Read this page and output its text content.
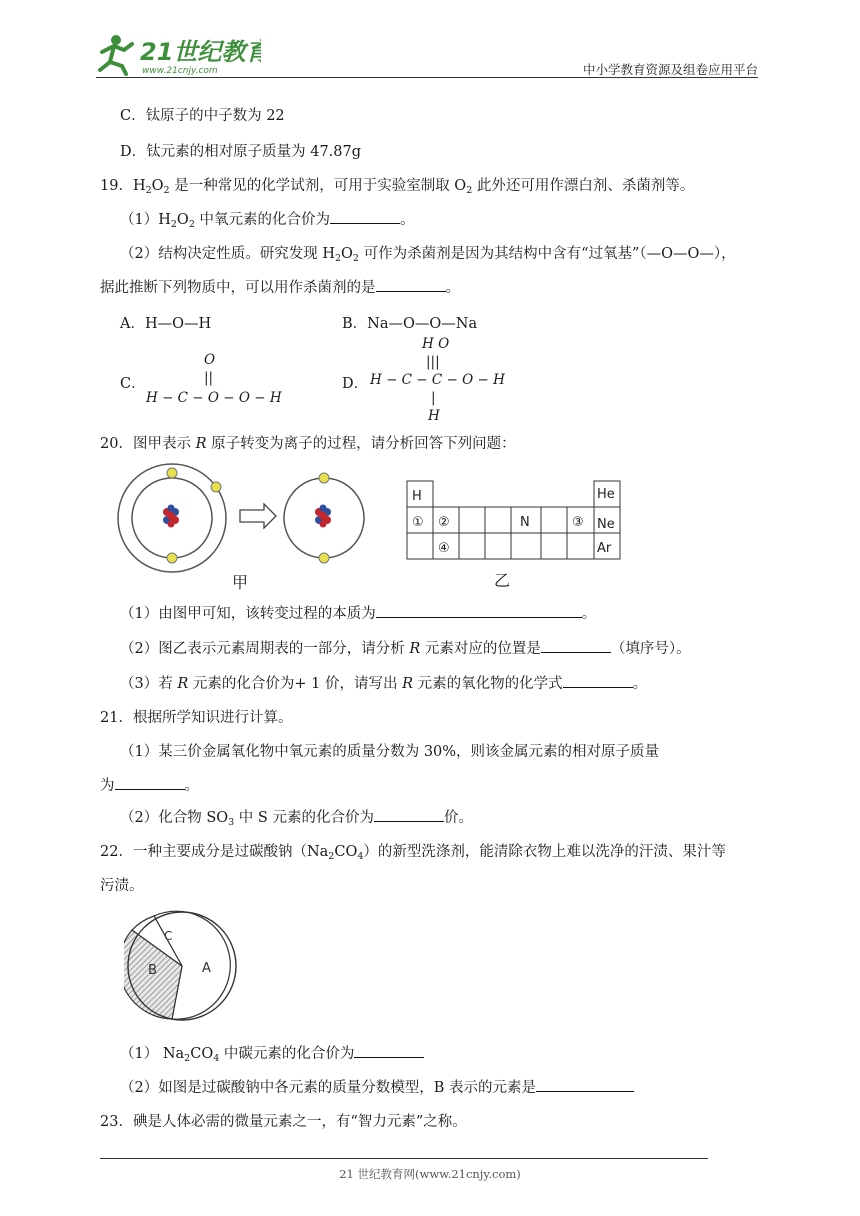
21世纪教育
www.21cnjy.com	中小学教育资源及组卷应用平台
C．钛原子的中子数为 22
D．钛元素的相对原子质量为 47.87g
19．$H_2O_2$ 是一种常见的化学试剂，可用于实验室制取 $O_2$ 此外还可用作漂白剂、杀菌剂等。
$(1)H_2O_2$ 中氧元素的化合价为	。
（2）结构决定性质。研究发现 $H_2O_2$ 可作为杀菌剂是因为其结构中含有“过氧基”（—O—O—），
据此推断下列物质中，可以用作杀菌剂的是	。
A．H—O—H	B．Na—O—O—Na
C．
O
||
H − C − O − O − H
D．
H O
|||
H − C − C − O − H
|
H
20．图甲表示 R 原子转变为离子的过程，请分析回答下列问题：
甲
H	He
① ②	N	③ Ne
④	Ar
乙
（1）由图甲可知，该转变过程的本质为	。
（2）图乙表示元素周期表的一部分，请分析 R 元素对应的位置是	（填序号）。
（3）若 R 元素的化合价为+ 1 价，请写出 R 元素的氧化物的化学式	。
21．根据所学知识进行计算。
（1）某三价金属氧化物中氧元素的质量分数为 30%，则该金属元素的相对原子质量
为	。
（2）化合物 $SO_3$ 中 S 元素的化合价为	价。
22．一种主要成分是过碳酸钠$(Na_2CO_4)$的新型洗涤剂，能清除衣物上难以洗净的汗渍、果汁等
污渍。
A
B
C
（1） $Na_2CO_4$ 中碳元素的化合价为
（2）如图是过碳酸钠中各元素的质量分数模型，B 表示的元素是
23．碘是人体必需的微量元素之一，有“智力元素”之称。
21 世纪教育网(www.21cnjy.com)
